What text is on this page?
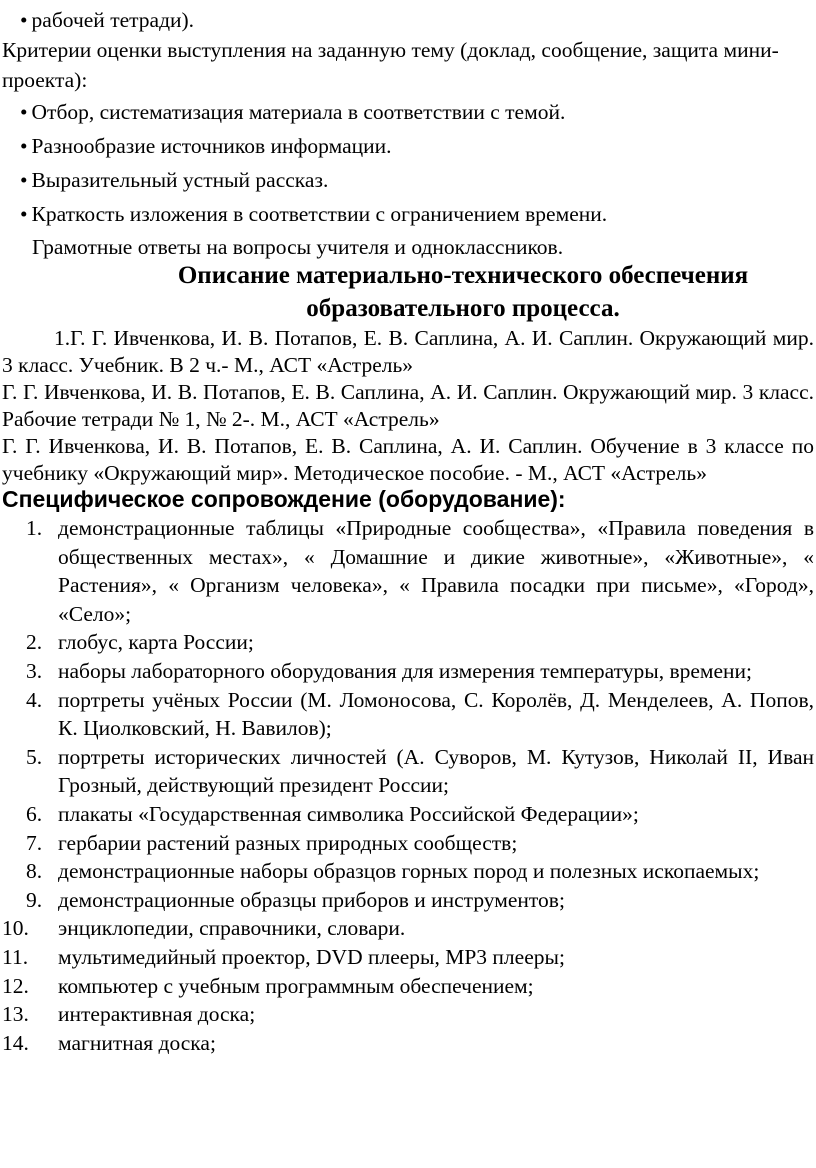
• рабочей тетради).
Критерии оценки выступления на заданную тему (доклад, сообщение, защита мини-проекта):
• Отбор, систематизация материала в соответствии с темой.
• Разнообразие источников информации.
• Выразительный устный рассказ.
• Краткость изложения в соответствии с ограничением времени.
Грамотные ответы на вопросы учителя и одноклассников.
Описание материально-технического обеспечения образовательного процесса.
1.Г. Г. Ивченкова, И. В. Потапов, Е. В. Саплина, А. И. Саплин. Окружающий мир. 3 класс. Учебник. В 2 ч.- М., АСТ «Астрель»
Г. Г. Ивченкова, И. В. Потапов, Е. В. Саплина, А. И. Саплин. Окружающий мир. 3 класс. Рабочие тетради № 1, № 2-. М., АСТ «Астрель»
Г. Г. Ивченкова, И. В. Потапов, Е. В. Саплина, А. И. Саплин. Обучение в 3 классе по учебнику «Окружающий мир». Методическое пособие. - М., АСТ «Астрель»
Специфическое сопровождение (оборудование):
1. демонстрационные таблицы «Природные сообщества», «Правила поведения в общественных местах», « Домашние и дикие животные», «Животные», « Растения», « Организм человека», « Правила посадки при письме», «Город», «Село»;
2. глобус, карта России;
3. наборы лабораторного оборудования для измерения температуры, времени;
4. портреты учёных России (М. Ломоносова, С. Королёв, Д. Менделеев, А. Попов, К. Циолковский, Н. Вавилов);
5. портреты исторических личностей (А. Суворов, М. Кутузов, Николай II, Иван Грозный, действующий президент России;
6. плакаты «Государственная символика Российской Федерации»;
7. гербарии растений разных природных сообществ;
8. демонстрационные наборы образцов горных пород и полезных ископаемых;
9. демонстрационные образцы приборов и инструментов;
10.	энциклопедии, справочники, словари.
11.	мультимедийный проектор, DVD плееры, MP3 плееры;
12.	компьютер с учебным программным обеспечением;
13.	интерактивная доска;
14.	магнитная доска;
